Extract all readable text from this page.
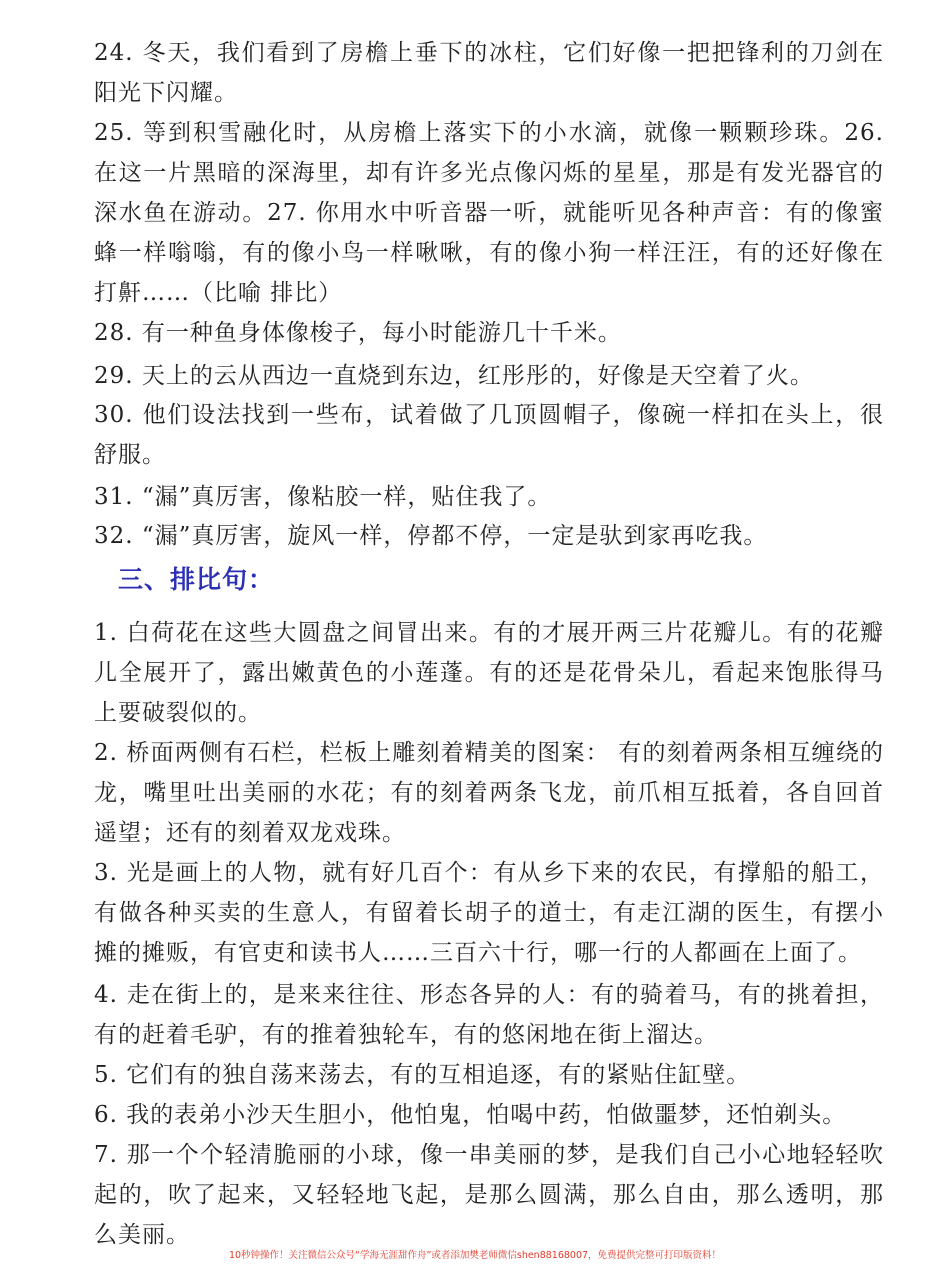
24. 冬天，我们看到了房檐上垂下的冰柱，它们好像一把把锋利的刀剑在阳光下闪耀。

25. 等到积雪融化时，从房檐上落实下的小水滴，就像一颗颗珍珠。26. 在这一片黑暗的深海里，却有许多光点像闪烁的星星，那是有发光器官的深水鱼在游动。27. 你用水中听音器一听，就能听见各种声音：有的像蜜蜂一样嗡嗡，有的像小鸟一样啾啾，有的像小狗一样汪汪，有的还好像在打鼾……（比喻 排比）

28. 有一种鱼身体像梭子，每小时能游几十千米。

29. 天上的云从西边一直烧到东边，红彤彤的，好像是天空着了火。

30. 他们设法找到一些布，试着做了几顶圆帽子，像碗一样扣在头上，很舒服。

31. “漏”真厉害，像粘胶一样，贴住我了。

32. “漏”真厉害，旋风一样，停都不停，一定是驮到家再吃我。

三、排比句：

1. 白荷花在这些大圆盘之间冒出来。有的才展开两三片花瓣儿。有的花瓣儿全展开了，露出嫩黄色的小莲蓬。有的还是花骨朵儿，看起来饱胀得马上要破裂似的。

2. 桥面两侧有石栏，栏板上雕刻着精美的图案： 有的刻着两条相互缠绕的龙，嘴里吐出美丽的水花；有的刻着两条飞龙，前爪相互抵着，各自回首遥望；还有的刻着双龙戏珠。

3. 光是画上的人物，就有好几百个：有从乡下来的农民，有撑船的船工，有做各种买卖的生意人，有留着长胡子的道士，有走江湖的医生，有摆小摊的摊贩，有官吏和读书人……三百六十行，哪一行的人都画在上面了。

4. 走在街上的，是来来往往、形态各异的人：有的骑着马，有的挑着担，有的赶着毛驴，有的推着独轮车，有的悠闲地在街上溜达。

5. 它们有的独自荡来荡去，有的互相追逐，有的紧贴住缸壁。

6. 我的表弟小沙天生胆小，他怕鬼，怕喝中药，怕做噩梦，还怕剃头。

7. 那一个个轻清脆丽的小球，像一串美丽的梦，是我们自己小心地轻轻吹起的，吹了起来，又轻轻地飞起，是那么圆满，那么自由，那么透明，那么美丽。

10秒钟操作！关注微信公众号“学海无涯甜作舟”或者添加樊老师微信shen88168007，免费提供完整可打印版资料！
